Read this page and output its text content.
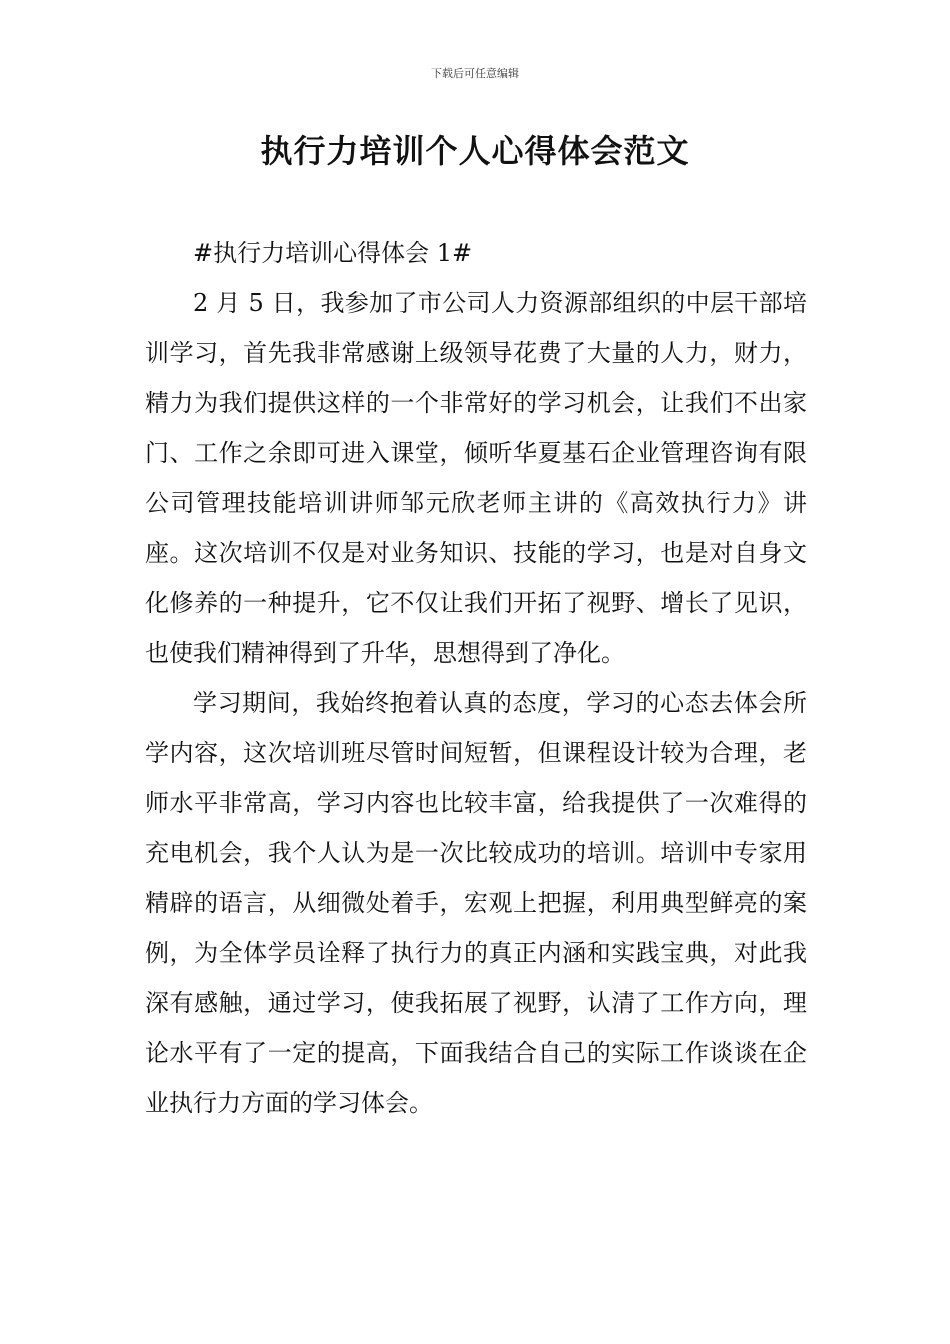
下载后可任意编辑
执行力培训个人心得体会范文

#执行力培训心得体会 1#

2 月 5 日，我参加了市公司人力资源部组织的中层干部培训学习，首先我非常感谢上级领导花费了大量的人力，财力，精力为我们提供这样的一个非常好的学习机会，让我们不出家门、工作之余即可进入课堂，倾听华夏基石企业管理咨询有限公司管理技能培训讲师邹元欣老师主讲的《高效执行力》讲座。这次培训不仅是对业务知识、技能的学习，也是对自身文化修养的一种提升，它不仅让我们开拓了视野、增长了见识，也使我们精神得到了升华，思想得到了净化。

学习期间，我始终抱着认真的态度，学习的心态去体会所学内容，这次培训班尽管时间短暂，但课程设计较为合理，老师水平非常高，学习内容也比较丰富，给我提供了一次难得的充电机会，我个人认为是一次比较成功的培训。培训中专家用精辟的语言，从细微处着手，宏观上把握，利用典型鲜亮的案例，为全体学员诠释了执行力的真正内涵和实践宝典，对此我深有感触，通过学习，使我拓展了视野，认清了工作方向，理论水平有了一定的提高，下面我结合自己的实际工作谈谈在企业执行力方面的学习体会。
